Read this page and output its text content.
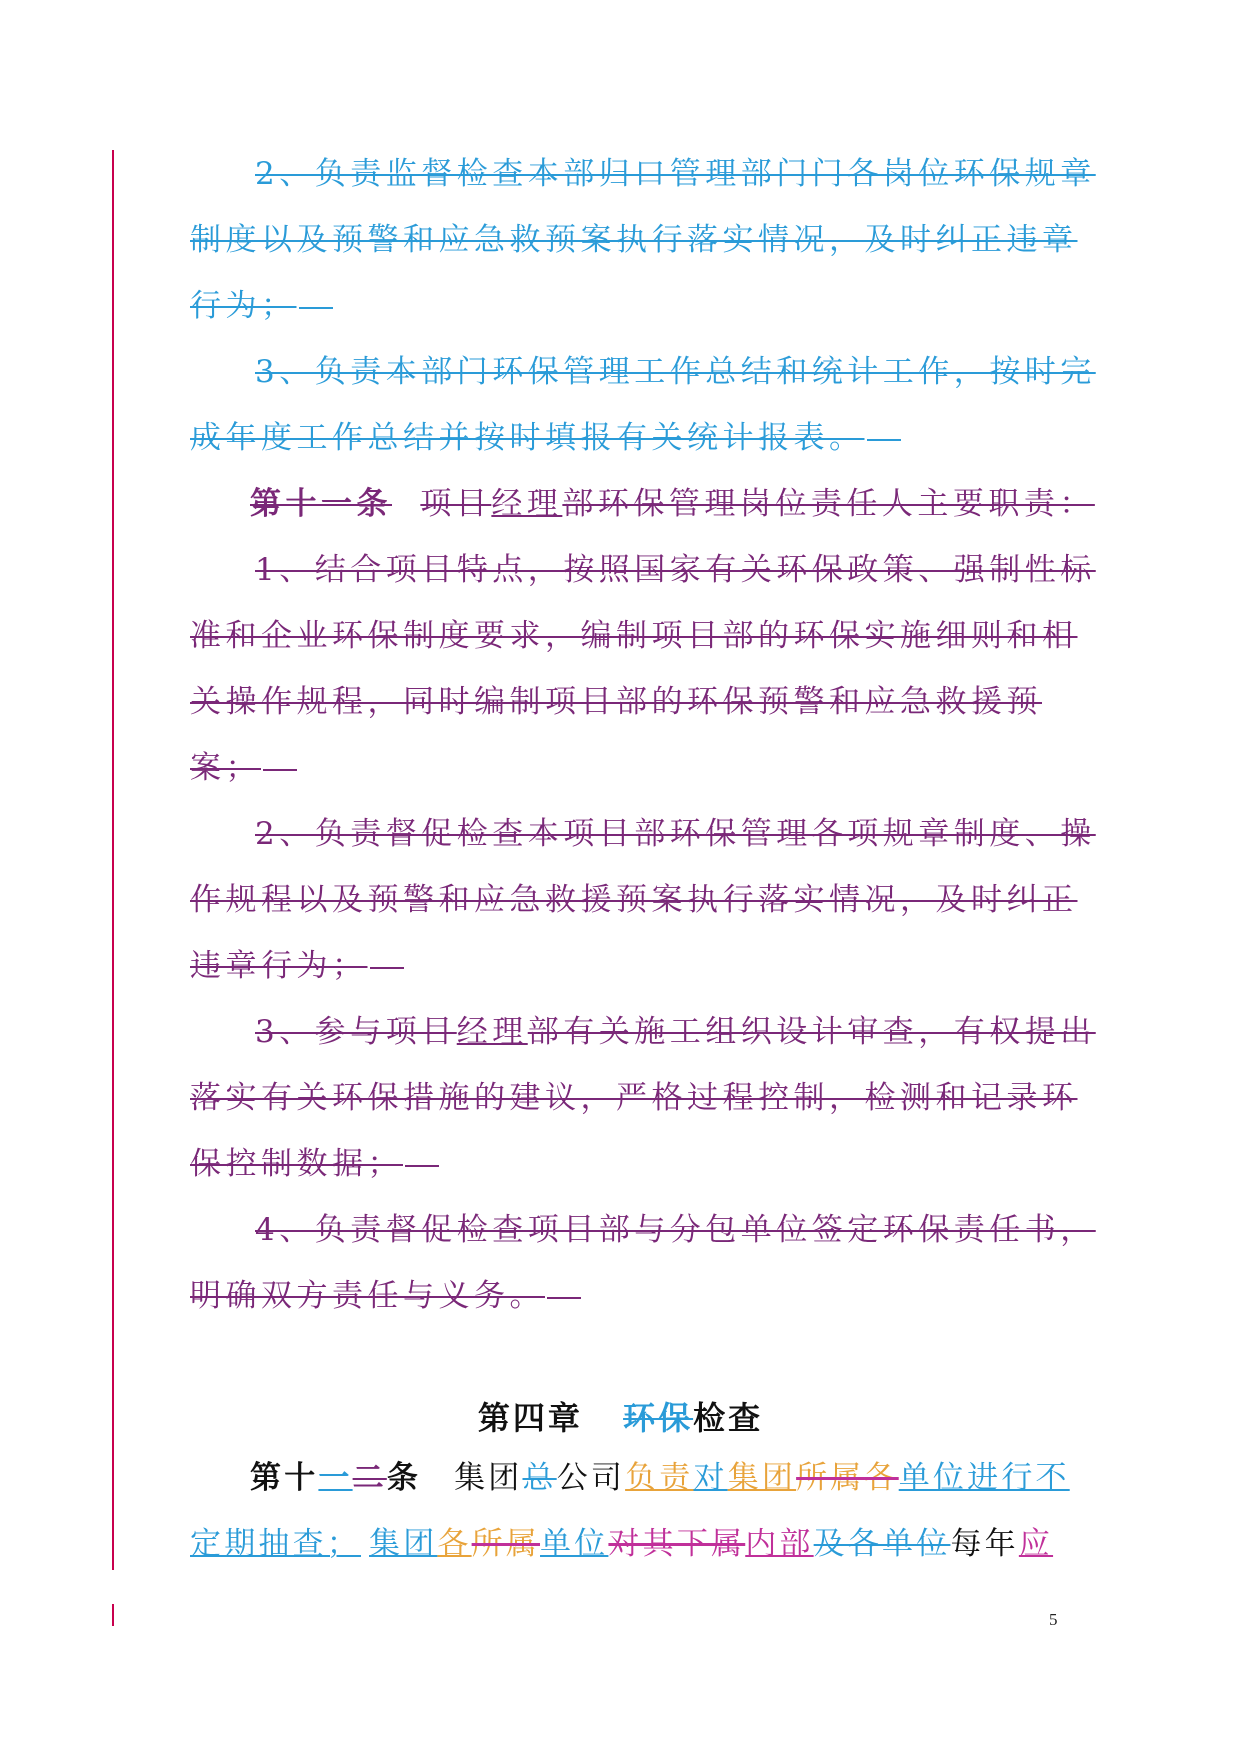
2、负责监督检查本部归口管理部门门各岗位环保规章
制度以及预警和应急救预案执行落实情况，及时纠正违章
行为；
3、负责本部门环保管理工作总结和统计工作，按时完
成年度工作总结并按时填报有关统计报表。
第十一条 项目经理部环保管理岗位责任人主要职责：
1、结合项目特点，按照国家有关环保政策、强制性标
准和企业环保制度要求，编制项目部的环保实施细则和相
关操作规程，同时编制项目部的环保预警和应急救援预
案；
2、负责督促检查本项目部环保管理各项规章制度、操
作规程以及预警和应急救援预案执行落实情况，及时纠正
违章行为；
3、参与项目经理部有关施工组织设计审查，有权提出
落实有关环保措施的建议，严格过程控制，检测和记录环
保控制数据；
4、负责督促检查项目部与分包单位签定环保责任书，
明确双方责任与义务。
第四章 环保检查
第十一二条 集团总公司负责对集团所属各单位进行不
定期抽查； 集团各所属单位对其下属内部及各单位每年应
5
